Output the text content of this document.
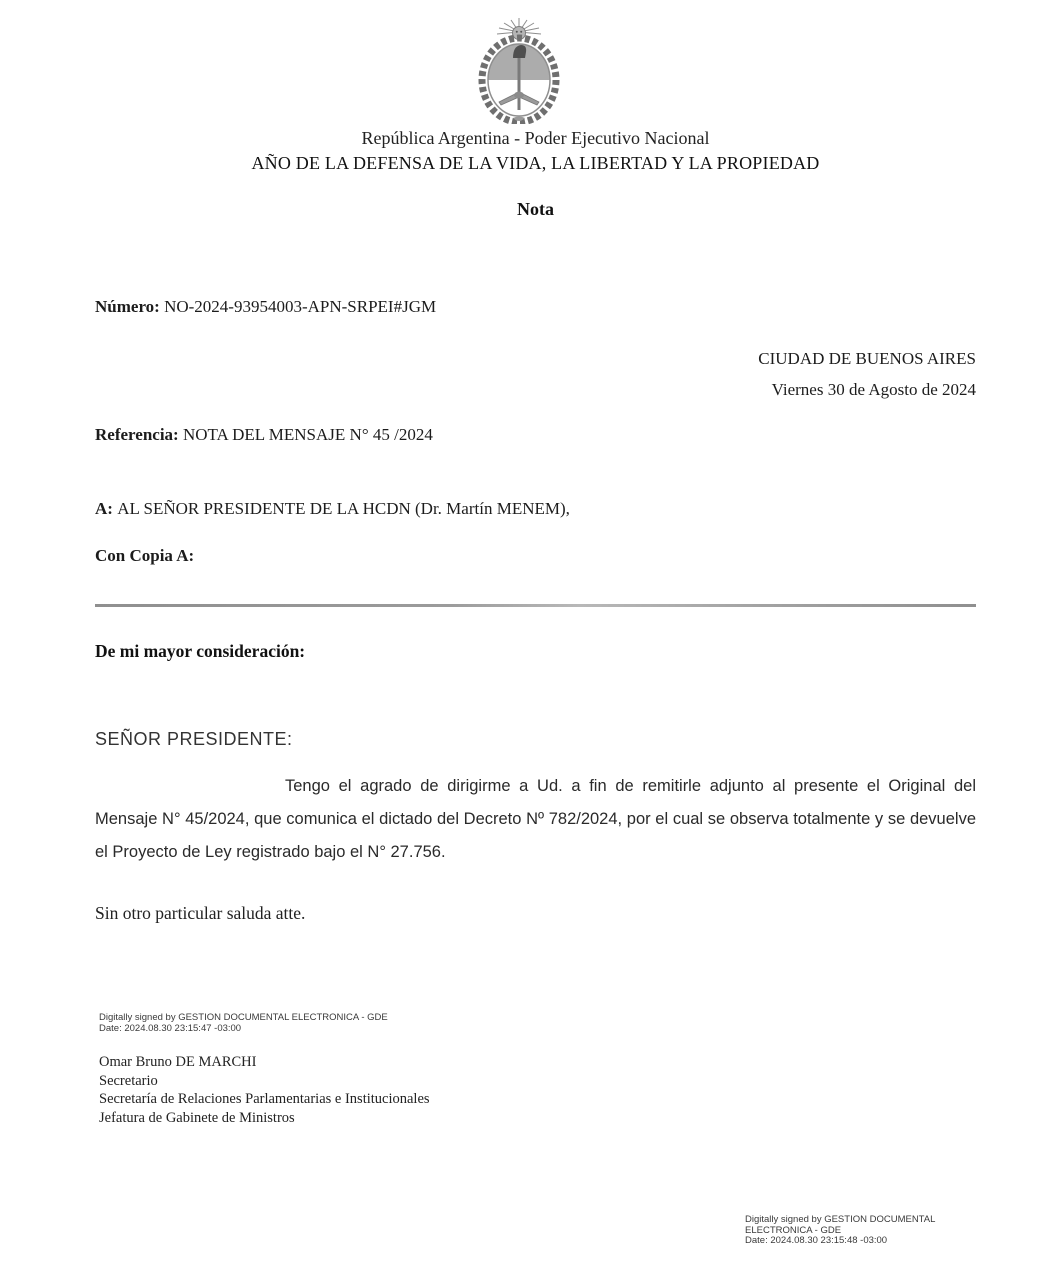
República Argentina - Poder Ejecutivo Nacional
AÑO DE LA DEFENSA DE LA VIDA, LA LIBERTAD Y LA PROPIEDAD
Nota
Número: NO-2024-93954003-APN-SRPEI#JGM
CIUDAD DE BUENOS AIRES
Viernes 30 de Agosto de 2024
Referencia: NOTA DEL MENSAJE N° 45 /2024
A: AL SEÑOR PRESIDENTE DE LA HCDN (Dr. Martín MENEM),
Con Copia A:
De mi mayor consideración:
SEÑOR PRESIDENTE:
Tengo el agrado de dirigirme a Ud. a fin de remitirle adjunto al presente el Original del Mensaje N° 45/2024, que comunica el dictado del Decreto Nº 782/2024, por el cual se observa totalmente y se devuelve el Proyecto de Ley registrado bajo el N° 27.756.
Sin otro particular saluda atte.
Digitally signed by GESTION DOCUMENTAL ELECTRONICA - GDE
Date: 2024.08.30 23:15:47 -03:00
Omar Bruno DE MARCHI
Secretario
Secretaría de Relaciones Parlamentarias e Institucionales
Jefatura de Gabinete de Ministros
Digitally signed by GESTION DOCUMENTAL
ELECTRONICA - GDE
Date: 2024.08.30 23:15:48 -03:00
